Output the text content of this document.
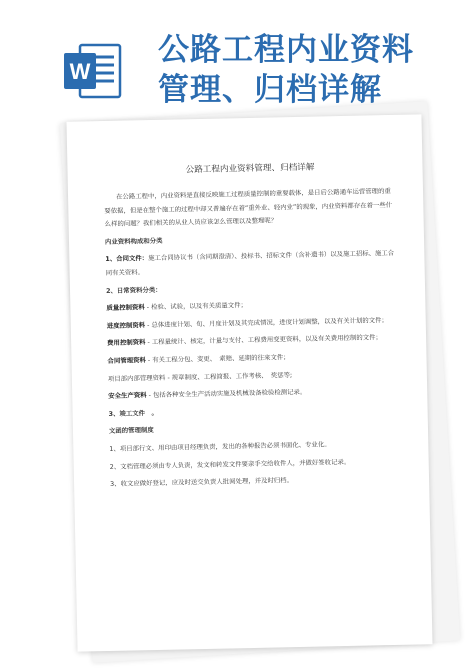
W
公路工程内业资料
管理、归档详解
公路工程内业资料管理、归档详解

在公路工程中，内业资料是直接反映施工过程质量控制的重要载体，是日后公路通车运营管理的重要依据，但是在整个施工的过程中却又普遍存在着“重外业、轻内业”的现象，内业资料都存在着一些什么样的问题？我们相关的从业人员应该怎么管理以及整理呢？

内业资料构成和分类

1、合同文件：施工合同协议书（含同期澄清）、投标书、招标文件（含补遗书）以及施工招标、施工合同有关资料。

2、日常资料分类：

质量控制资料 - 检验、试验，以及有关质量文件；

进度控制资料 - 总体进度计划、旬、月度计划及其完成情况，进度计划调整，以及有关计划的文件；

费用控制资料 - 工程量统计、核定，计量与支付、工程费用变更资料，以及有关费用控制的文件；

合同管理资料 - 有关工程分包、变更、　索赔、延期的往来文件；

项目部内部管理资料 - 规章制度、工程简报、工作考核、　奖惩等;

安全生产资料 - 包括各种安全生产活动实施及机械设备检验检测记录。

3、竣工文件　。

文函的管理制度

1、项目部行文、用印由项目经理负责，发出的各种报告必须书面化、专业化。

2、文档管理必须由专人负责，发文和转发文件要亲手交给收件人，并做好签收记录。

3、收文应做好登记，应及时送交负责人批阅处理，并及时归档。
